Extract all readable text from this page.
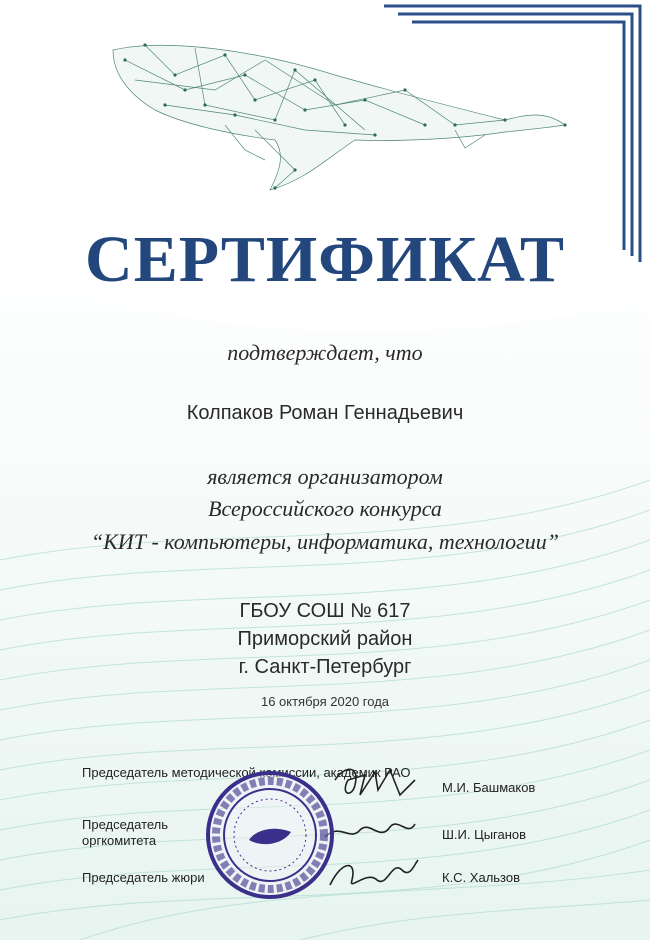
СЕРТИФИКАТ
подтверждает, что
Колпаков Роман Геннадьевич
является организатором
Всероссийского конкурса
“КИТ - компьютеры, информатика, технологии”
ГБОУ СОШ № 617
Приморский район
г. Санкт-Петербург
16 октября 2020 года
Председатель методической комиссии, академик РАО
М.И. Башмаков
Председатель оргкомитета	Ш.И. Цыганов
Председатель жюри	К.С. Хальзов
